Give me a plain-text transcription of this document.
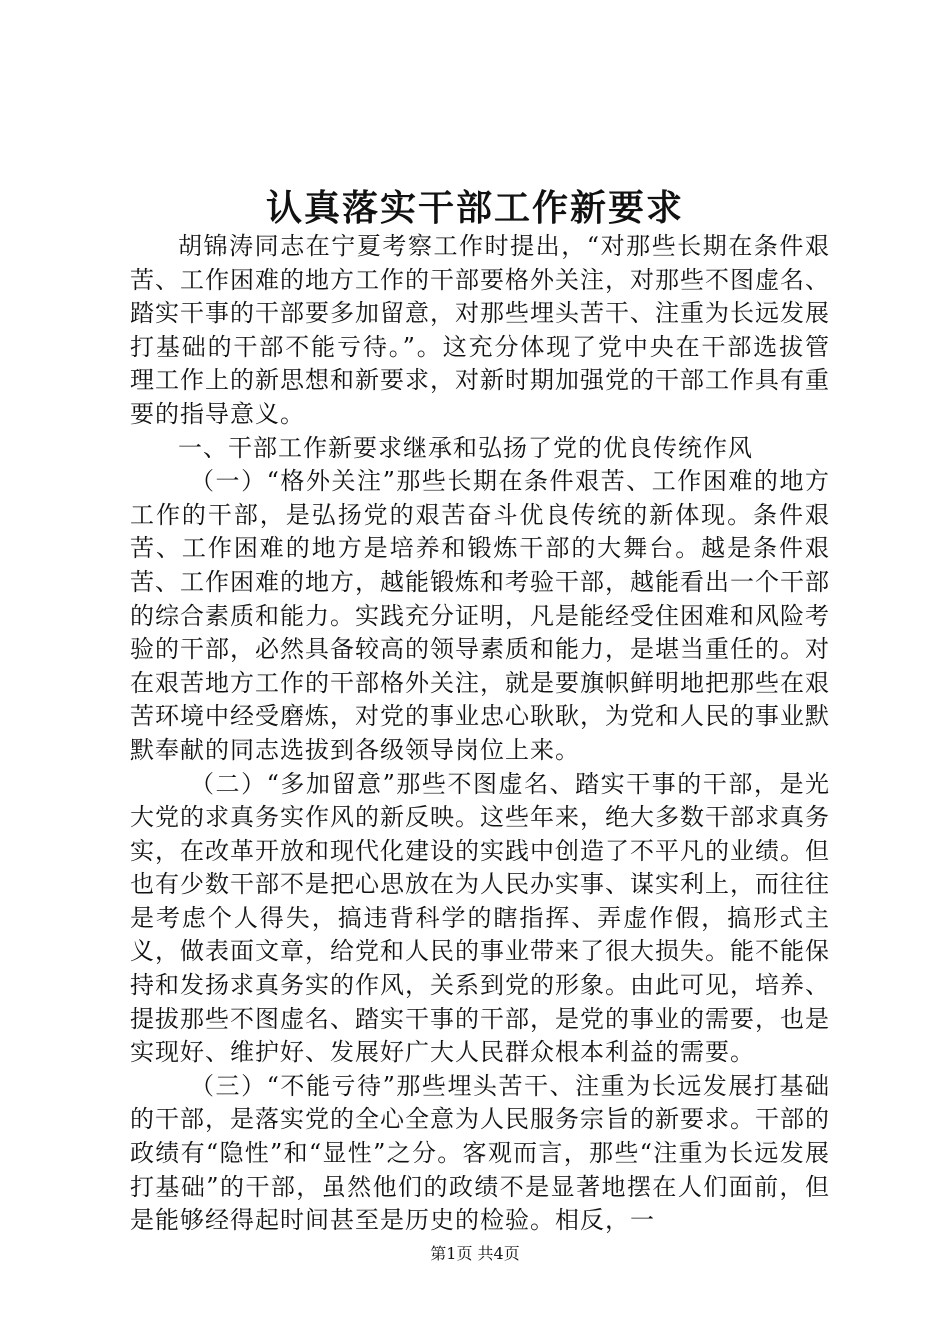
认真落实干部工作新要求

胡锦涛同志在宁夏考察工作时提出，“对那些长期在条件艰苦、工作困难的地方工作的干部要格外关注，对那些不图虚名、踏实干事的干部要多加留意，对那些埋头苦干、注重为长远发展打基础的干部不能亏待。”。这充分体现了党中央在干部选拔管理工作上的新思想和新要求，对新时期加强党的干部工作具有重要的指导意义。

一、干部工作新要求继承和弘扬了党的优良传统作风

（一）“格外关注”那些长期在条件艰苦、工作困难的地方工作的干部，是弘扬党的艰苦奋斗优良传统的新体现。条件艰苦、工作困难的地方是培养和锻炼干部的大舞台。越是条件艰苦、工作困难的地方，越能锻炼和考验干部，越能看出一个干部的综合素质和能力。实践充分证明，凡是能经受住困难和风险考验的干部，必然具备较高的领导素质和能力，是堪当重任的。对在艰苦地方工作的干部格外关注，就是要旗帜鲜明地把那些在艰苦环境中经受磨炼，对党的事业忠心耿耿，为党和人民的事业默默奉献的同志选拔到各级领导岗位上来。

（二）“多加留意”那些不图虚名、踏实干事的干部，是光大党的求真务实作风的新反映。这些年来，绝大多数干部求真务实，在改革开放和现代化建设的实践中创造了不平凡的业绩。但也有少数干部不是把心思放在为人民办实事、谋实利上，而往往是考虑个人得失，搞违背科学的瞎指挥、弄虚作假，搞形式主义，做表面文章，给党和人民的事业带来了很大损失。能不能保持和发扬求真务实的作风，关系到党的形象。由此可见，培养、提拔那些不图虚名、踏实干事的干部，是党的事业的需要，也是实现好、维护好、发展好广大人民群众根本利益的需要。

（三）“不能亏待”那些埋头苦干、注重为长远发展打基础的干部，是落实党的全心全意为人民服务宗旨的新要求。干部的政绩有“隐性”和“显性”之分。客观而言，那些“注重为长远发展打基础”的干部，虽然他们的政绩不是显著地摆在人们面前，但是能够经得起时间甚至是历史的检验。相反，一

第1页 共4页
